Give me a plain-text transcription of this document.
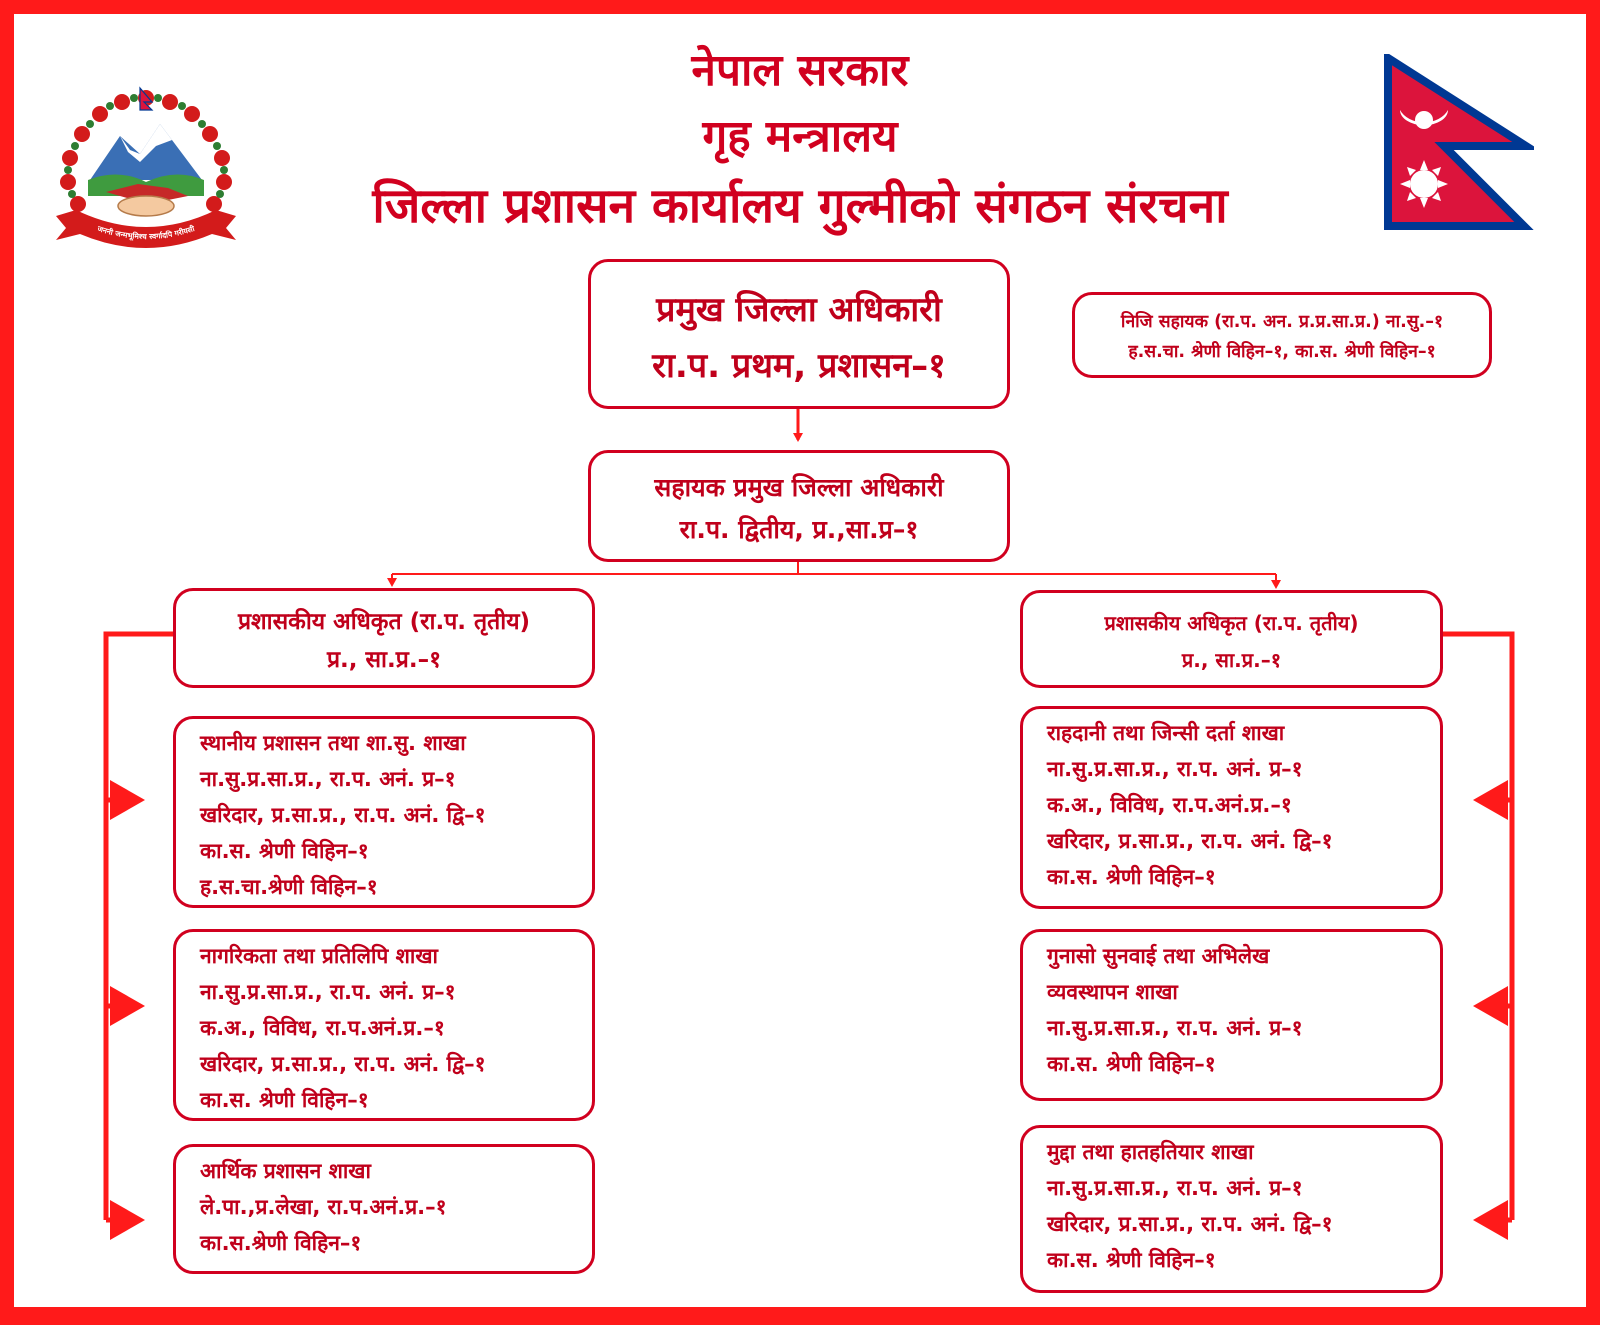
नेपाल सरकार
गृह मन्त्रालय
जिल्ला प्रशासन कार्यालय गुल्मीको संगठन संरचना
जननी जन्मभूमिश्च स्वर्गादपि गरीयसी
प्रमुख जिल्ला अधिकारी
रा.प. प्रथम, प्रशासन–१
निजि सहायक (रा.प. अन. प्र.प्र.सा.प्र.) ना.सु.–१
ह.स.चा. श्रेणी विहिन–१, का.स. श्रेणी विहिन–१
सहायक प्रमुख जिल्ला अधिकारी
रा.प. द्वितीय, प्र.,सा.प्र–१
प्रशासकीय अधिकृत (रा.प. तृतीय)
प्र., सा.प्र.–१
प्रशासकीय अधिकृत (रा.प. तृतीय)
प्र., सा.प्र.–१
स्थानीय प्रशासन तथा शा.सु. शाखा
ना.सु.प्र.सा.प्र., रा.प. अनं. प्र–१
खरिदार, प्र.सा.प्र., रा.प. अनं. द्वि–१
का.स. श्रेणी विहिन–१
ह.स.चा.श्रेणी विहिन–१
नागरिकता तथा प्रतिलिपि शाखा
ना.सु.प्र.सा.प्र., रा.प. अनं. प्र–१
क.अ., विविध, रा.प.अनं.प्र.–१
खरिदार, प्र.सा.प्र., रा.प. अनं. द्वि–१
का.स. श्रेणी विहिन–१
आर्थिक प्रशासन शाखा
ले.पा.,प्र.लेखा, रा.प.अनं.प्र.–१
का.स.श्रेणी विहिन–१
राहदानी तथा जिन्सी दर्ता शाखा
ना.सु.प्र.सा.प्र., रा.प. अनं. प्र–१
क.अ., विविध, रा.प.अनं.प्र.–१
खरिदार, प्र.सा.प्र., रा.प. अनं. द्वि–१
का.स. श्रेणी विहिन–१
गुनासो सुनवाई तथा अभिलेख
व्यवस्थापन शाखा
ना.सु.प्र.सा.प्र., रा.प. अनं. प्र–१
का.स. श्रेणी विहिन–१
मुद्दा तथा हातहतियार शाखा
ना.सु.प्र.सा.प्र., रा.प. अनं. प्र–१
खरिदार, प्र.सा.प्र., रा.प. अनं. द्वि–१
का.स. श्रेणी विहिन–१
